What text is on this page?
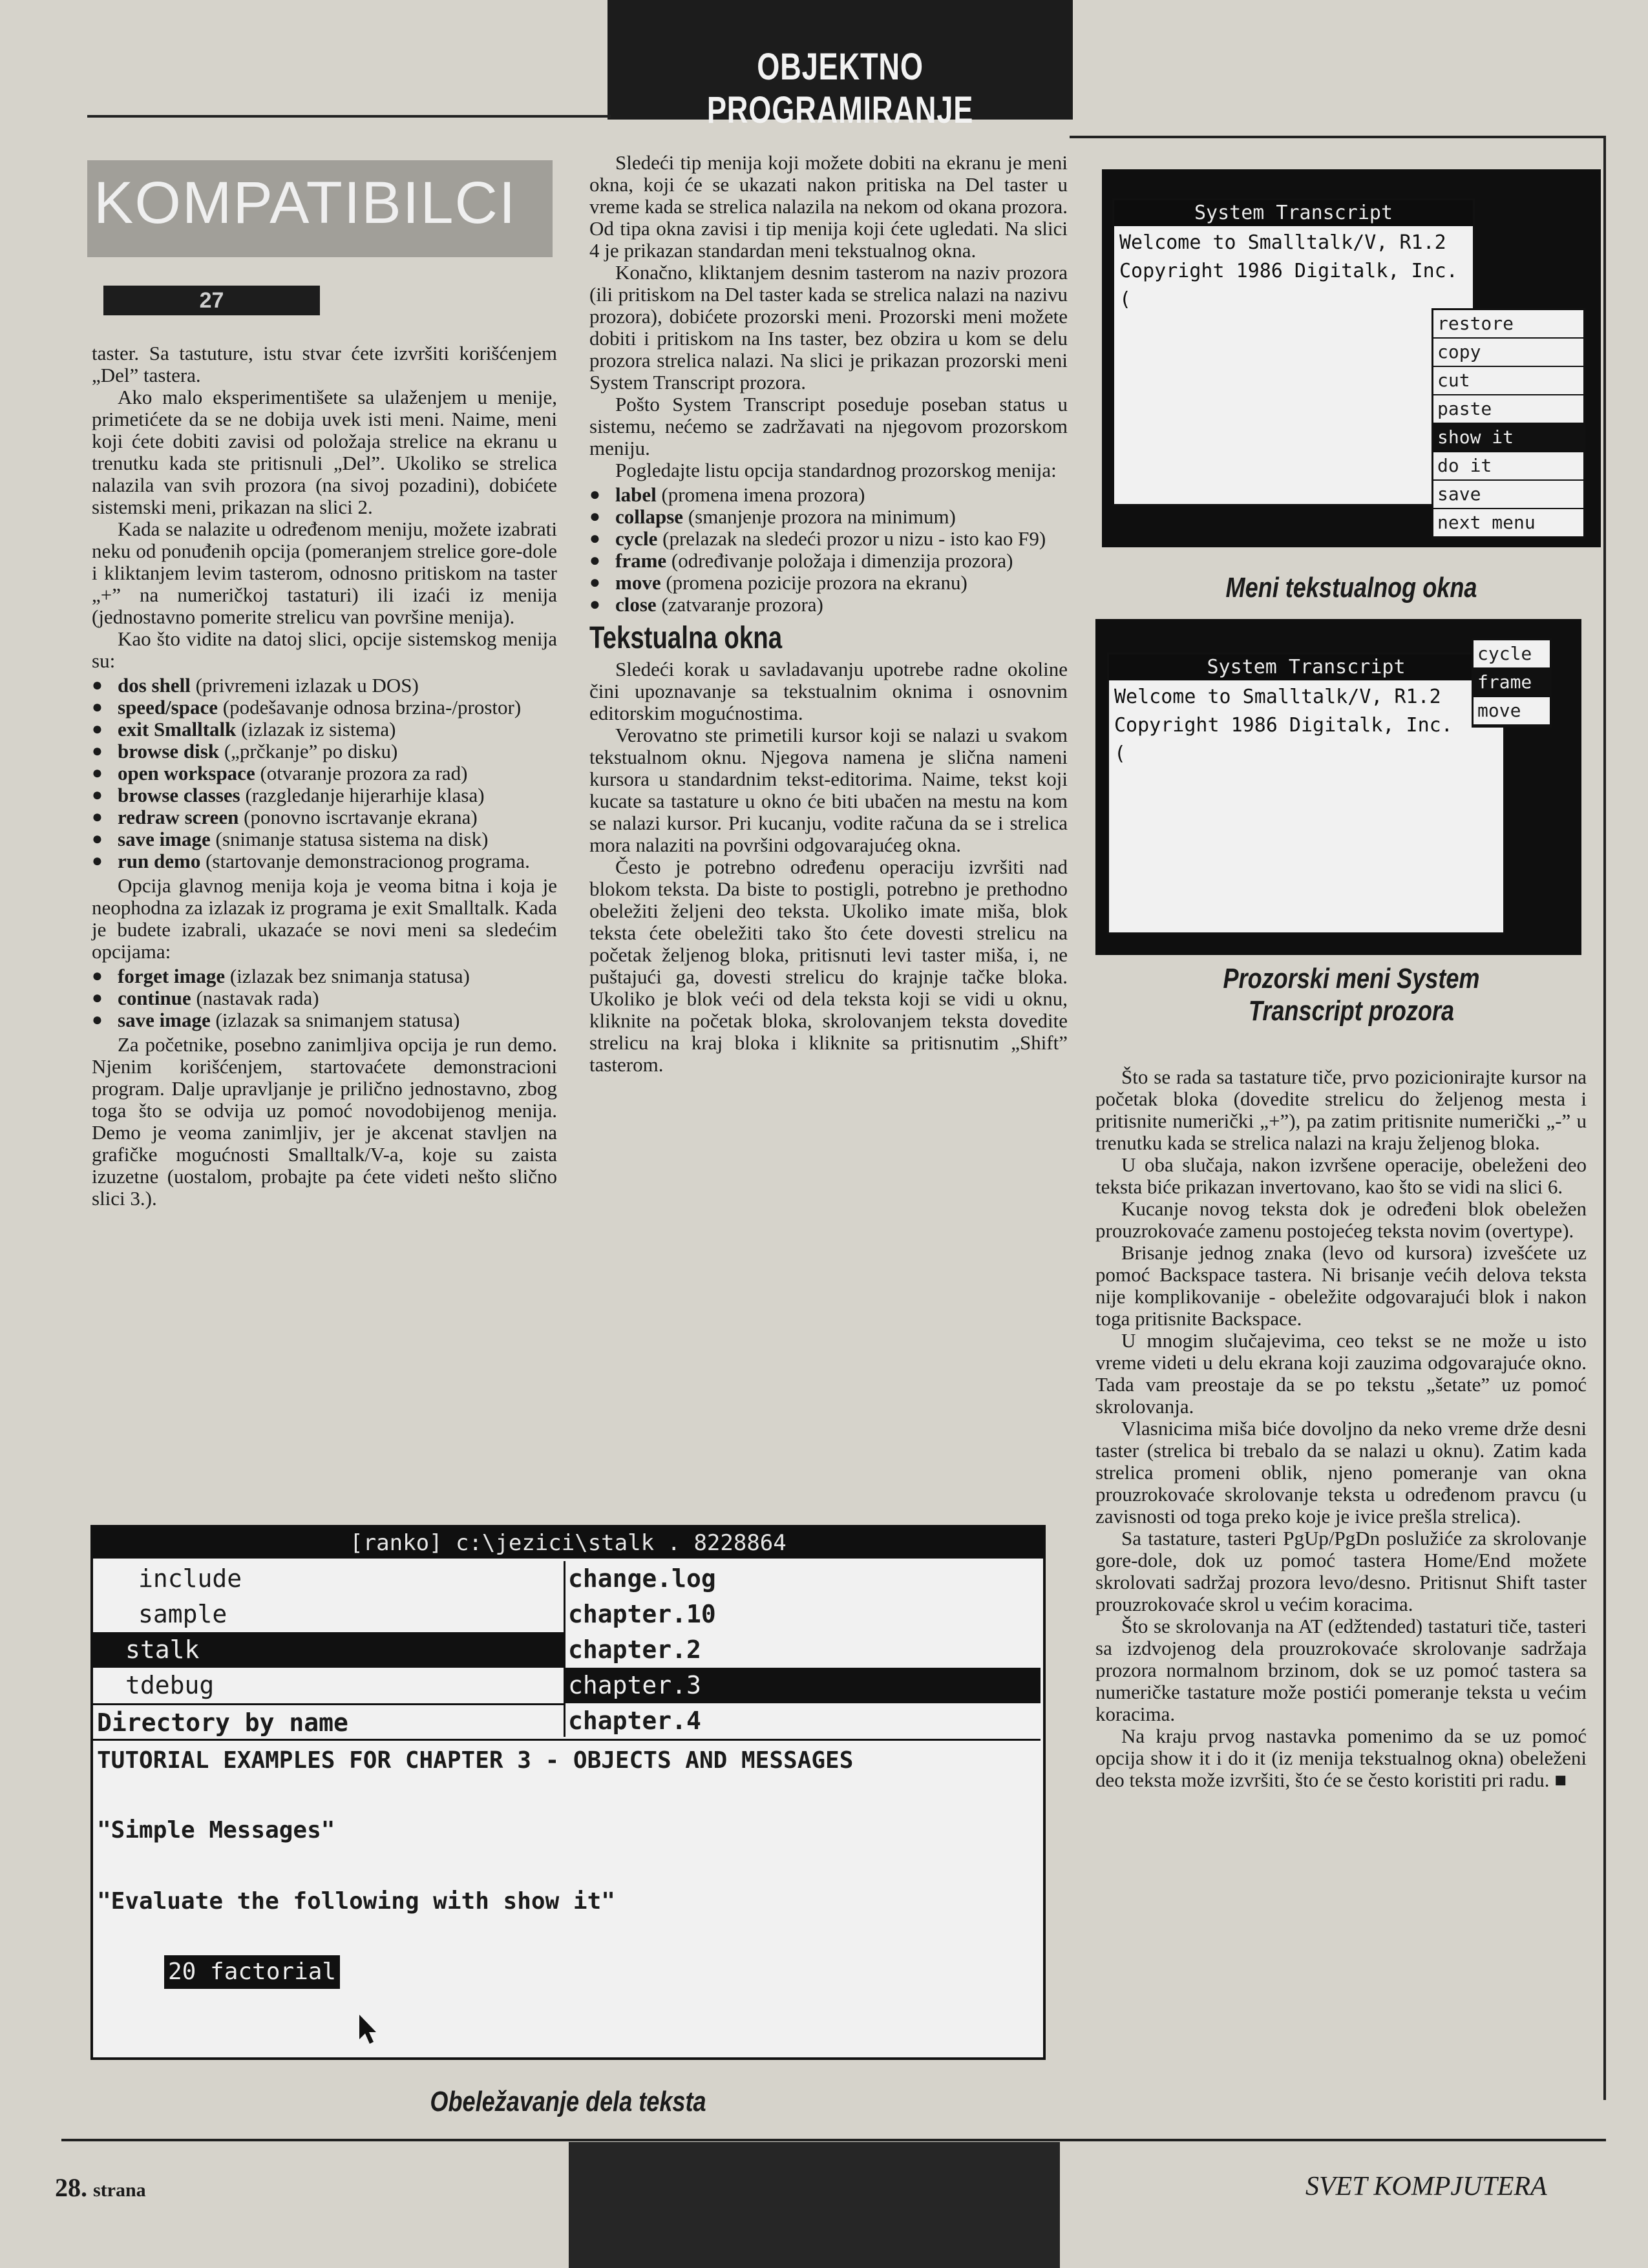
OBJEKTNO PROGRAMIRANJE
KOMPATIBILCI
27

taster. Sa tastuture, istu stvar ćete izvršiti korišćenjem „Del” tastera.

Ako malo eksperimentišete sa ulaženjem u menije, primetićete da se ne dobija uvek isti meni. Naime, meni koji ćete dobiti zavisi od položaja strelice na ekranu u trenutku kada ste pritisnuli „Del”. Ukoliko se strelica nalazila van svih prozora (na sivoj pozadini), dobićete sistemski meni, prikazan na slici 2.

Kada se nalazite u određenom meniju, možete izabrati neku od ponuđenih opcija (pomeranjem strelice gore-dole i kliktanjem levim tasterom, odnosno pritiskom na taster „+” na numeričkoj tastaturi) ili izaći iz menija (jednostavno pomerite strelicu van površine menija).

Kao što vidite na datoj slici, opcije sistemskog menija su:

● dos shell (privremeni izlazak u DOS)
● speed/space (podešavanje odnosa brzina-/prostor)
● exit Smalltalk (izlazak iz sistema)
● browse disk („prčkanje” po disku)
● open workspace (otvaranje prozora za rad)
● browse classes (razgledanje hijerarhije klasa)
● redraw screen (ponovno iscrtavanje ekrana)
● save image (snimanje statusa sistema na disk)
● run demo (startovanje demonstracionog programa.

Opcija glavnog menija koja je veoma bitna i koja je neophodna za izlazak iz programa je exit Smalltalk. Kada je budete izabrali, ukazaće se novi meni sa sledećim opcijama:

● forget image (izlazak bez snimanja statusa)
● continue (nastavak rada)
● save image (izlazak sa snimanjem statusa)

Za početnike, posebno zanimljiva opcija je run demo. Njenim korišćenjem, startovaćete demonstracioni program. Dalje upravljanje je prilično jednostavno, zbog toga što se odvija uz pomoć novodobijenog menija. Demo je veoma zanimljiv, jer je akcenat stavljen na grafičke mogućnosti Smalltalk/V-a, koje su zaista izuzetne (uostalom, probajte pa ćete videti nešto slično slici 3.).

Sledeći tip menija koji možete dobiti na ekranu je meni okna, koji će se ukazati nakon pritiska na Del taster u vreme kada se strelica nalazila na nekom od okana prozora. Od tipa okna zavisi i tip menija koji ćete ugledati. Na slici 4 je prikazan standardan meni tekstualnog okna.

Konačno, kliktanjem desnim tasterom na naziv prozora (ili pritiskom na Del taster kada se strelica nalazi na nazivu prozora), dobićete prozorski meni. Prozorski meni možete dobiti i pritiskom na Ins taster, bez obzira u kom se delu prozora strelica nalazi. Na slici je prikazan prozorski meni System Transcript prozora.

Pošto System Transcript poseduje poseban status u sistemu, nećemo se zadržavati na njegovom prozorskom meniju.

Pogledajte listu opcija standardnog prozorskog menija:

● label (promena imena prozora)
● collapse (smanjenje prozora na minimum)
● cycle (prelazak na sledeći prozor u nizu - isto kao F9)
● frame (određivanje položaja i dimenzija prozora)
● move (promena pozicije prozora na ekranu)
● close (zatvaranje prozora)
Tekstualna okna

Sledeći korak u savladavanju upotrebe radne okoline čini upoznavanje sa tekstualnim oknima i osnovnim editorskim mogućnostima.

Verovatno ste primetili kursor koji se nalazi u svakom tekstualnom oknu. Njegova namena je slična nameni kursora u standardnim tekst-editorima. Naime, tekst koji kucate sa tastature u okno će biti ubačen na mestu na kom se nalazi kursor. Pri kucanju, vodite računa da se i strelica mora nalaziti na površini odgovarajućeg okna.

Često je potrebno određenu operaciju izvršiti nad blokom teksta. Da biste to postigli, potrebno je prethodno obeležiti željeni deo teksta. Ukoliko imate miša, blok teksta ćete obeležiti tako što ćete dovesti strelicu na početak željenog bloka, pritisnuti levi taster miša, i, ne puštajući ga, dovesti strelicu do krajnje tačke bloka. Ukoliko je blok veći od dela teksta koji se vidi u oknu, kliknite na početak bloka, skrolovanjem teksta dovedite strelicu na kraj bloka i kliknite sa pritisnutim „Shift” tasterom.

System Transcript
Welcome to Smalltalk/V, R1.2
Copyright 1986 Digitalk, Inc.
(
restore
copy
cut
paste
show it
do it
save
next menu
Meni tekstualnog okna
System Transcript
Welcome to Smalltalk/V, R1.2
Copyright 1986 Digitalk, Inc.
(
cycle
frame
move
Prozorski meni System
Transcript prozora

Što se rada sa tastature tiče, prvo pozicionirajte kursor na početak bloka (dovedite strelicu do željenog mesta i pritisnite numerički „+”), pa zatim pritisnite numerički „-” u trenutku kada se strelica nalazi na kraju željenog bloka.

U oba slučaja, nakon izvršene operacije, obeleženi deo teksta biće prikazan invertovano, kao što se vidi na slici 6.

Kucanje novog teksta dok je određeni blok obeležen prouzrokovaće zamenu postojećeg teksta novim (overtype).

Brisanje jednog znaka (levo od kursora) izvešćete uz pomoć Backspace tastera. Ni brisanje većih delova teksta nije komplikovanije - obeležite odgovarajući blok i nakon toga pritisnite Backspace.

U mnogim slučajevima, ceo tekst se ne može u isto vreme videti u delu ekrana koji zauzima odgovarajuće okno. Tada vam preostaje da se po tekstu „šetate” uz pomoć skrolovanja.

Vlasnicima miša biće dovoljno da neko vreme drže desni taster (strelica bi trebalo da se nalazi u oknu). Zatim kada strelica promeni oblik, njeno pomeranje van okna prouzrokovaće skrolovanje teksta u određenom pravcu (u zavisnosti od toga preko koje je ivice prešla strelica).

Sa tastature, tasteri PgUp/PgDn poslužiće za skrolovanje gore-dole, dok uz pomoć tastera Home/End možete skrolovati sadržaj prozora levo/desno. Pritisnut Shift taster prouzrokovaće skrol u većim koracima.

Što se skrolovanja na AT (edžtended) tastaturi tiče, tasteri sa izdvojenog dela prouzrokovaće skrolovanje sadržaja prozora normalnom brzinom, dok se uz pomoć tastera sa numeričke tastature može postići pomeranje teksta u većim koracima.

Na kraju prvog nastavka pomenimo da se uz pomoć opcija show it i do it (iz menija tekstualnog okna) obeleženi deo teksta može izvršiti, što će se često koristiti pri radu. ■

[ranko] c:\jezici\stalk . 8228864
include
sample
stalk
tdebug
Directory by name
change.log
chapter.10
chapter.2
chapter.3
chapter.4
TUTORIAL EXAMPLES FOR CHAPTER 3 - OBJECTS AND MESSAGES
"Simple Messages"
"Evaluate the following with show it"
20 factorial
Obeležavanje dela teksta
28. strana	SVET KOMPJUTERA
